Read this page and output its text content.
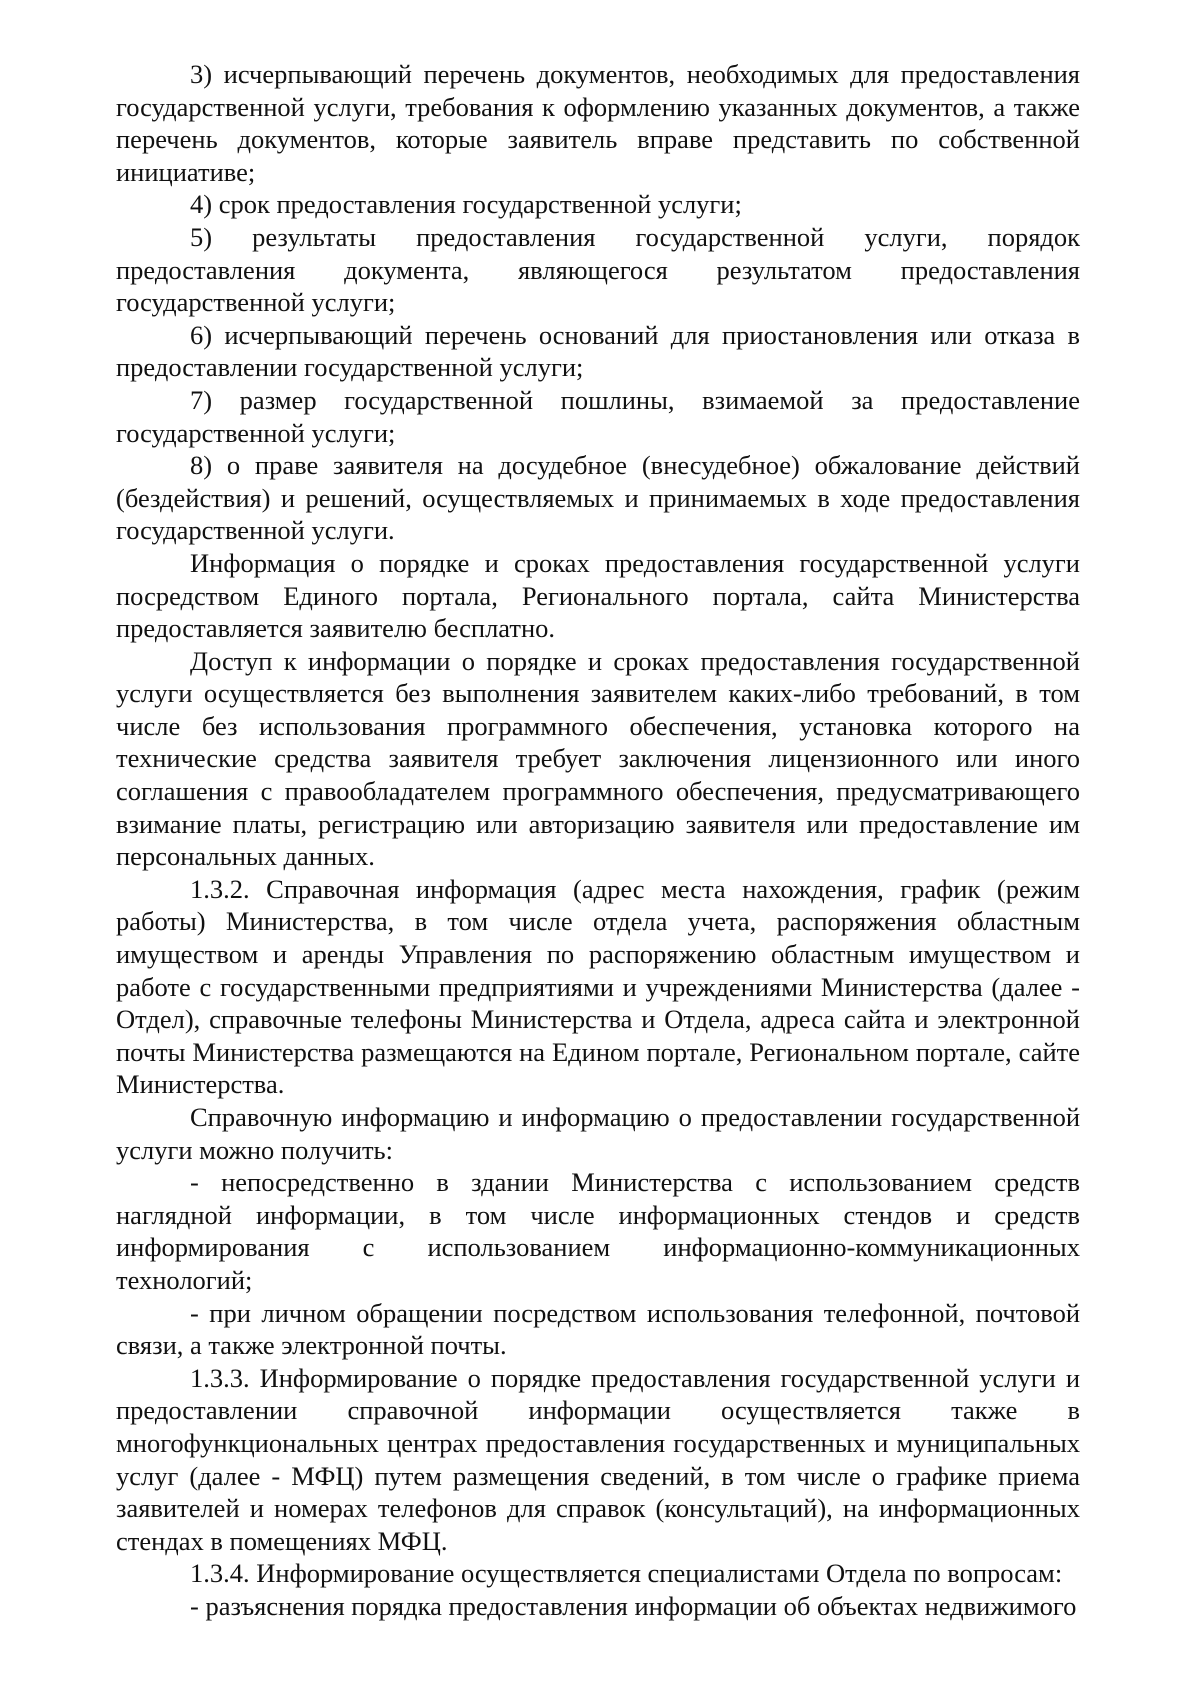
3) исчерпывающий перечень документов, необходимых для предоставления государственной услуги, требования к оформлению указанных документов, а также перечень документов, которые заявитель вправе представить по собственной инициативе;

4) срок предоставления государственной услуги;

5) результаты предоставления государственной услуги, порядок предоставления документа, являющегося результатом предоставления государственной услуги;

6) исчерпывающий перечень оснований для приостановления или отказа в предоставлении государственной услуги;

7) размер государственной пошлины, взимаемой за предоставление государственной услуги;

8) о праве заявителя на досудебное (внесудебное) обжалование действий (бездействия) и решений, осуществляемых и принимаемых в ходе предоставления государственной услуги.

Информация о порядке и сроках предоставления государственной услуги посредством Единого портала, Регионального портала, сайта Министерства предоставляется заявителю бесплатно.

Доступ к информации о порядке и сроках предоставления государственной услуги осуществляется без выполнения заявителем каких-либо требований, в том числе без использования программного обеспечения, установка которого на технические средства заявителя требует заключения лицензионного или иного соглашения с правообладателем программного обеспечения, предусматривающего взимание платы, регистрацию или авторизацию заявителя или предоставление им персональных данных.

1.3.2. Справочная информация (адрес места нахождения, график (режим работы) Министерства, в том числе отдела учета, распоряжения областным имуществом и аренды Управления по распоряжению областным имуществом и работе с государственными предприятиями и учреждениями Министерства (далее - Отдел), справочные телефоны Министерства и Отдела, адреса сайта и электронной почты Министерства размещаются на Едином портале, Региональном портале, сайте Министерства.

Справочную информацию и информацию о предоставлении государственной услуги можно получить:

- непосредственно в здании Министерства с использованием средств наглядной информации, в том числе информационных стендов и средств информирования с использованием информационно-коммуникационных технологий;

- при личном обращении посредством использования телефонной, почтовой связи, а также электронной почты.

1.3.3. Информирование о порядке предоставления государственной услуги и предоставлении справочной информации осуществляется также в многофункциональных центрах предоставления государственных и муниципальных услуг (далее - МФЦ) путем размещения сведений, в том числе о графике приема заявителей и номерах телефонов для справок (консультаций), на информационных стендах в помещениях МФЦ.

1.3.4. Информирование осуществляется специалистами Отдела по вопросам:

- разъяснения порядка предоставления информации об объектах недвижимого
